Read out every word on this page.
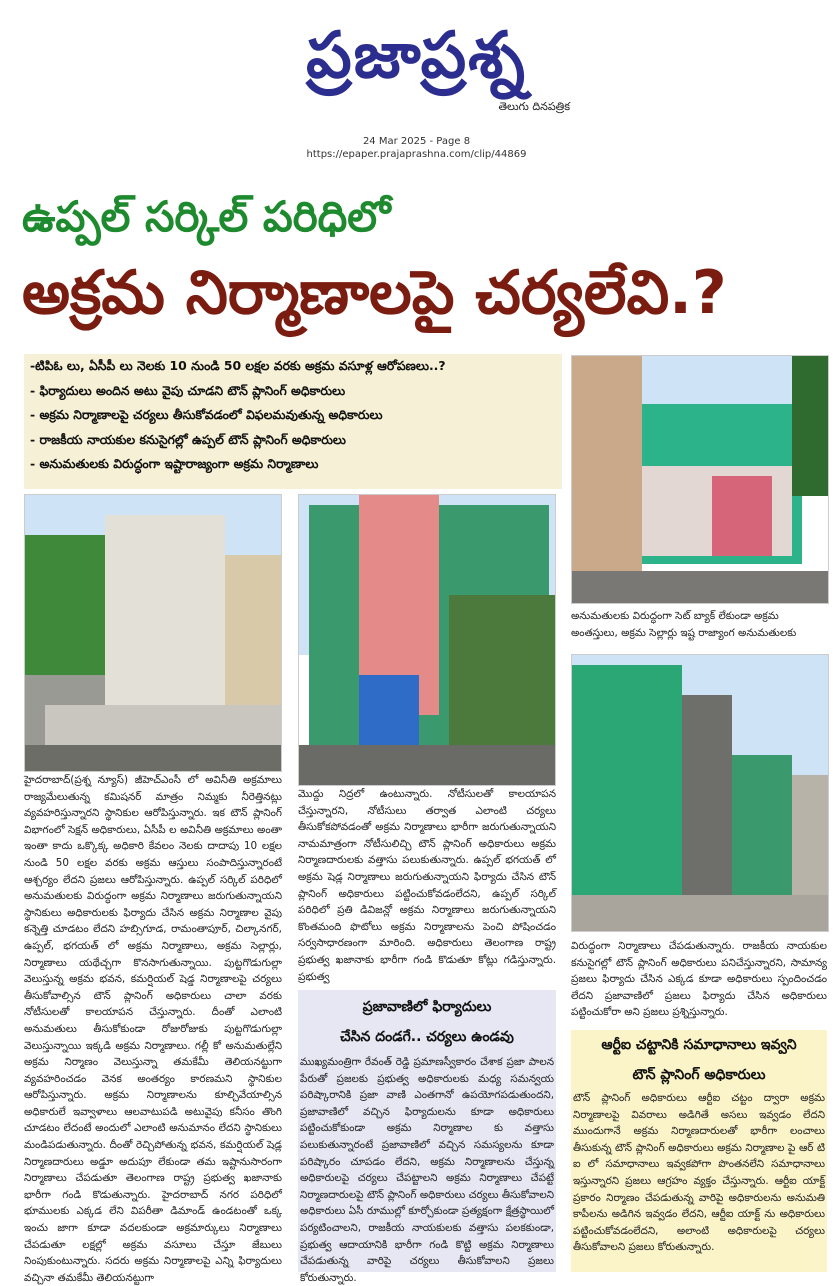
ప్రజాప్రశ్న
తెలుగు దినపత్రిక
24 Mar 2025 - Page 8
https://epaper.prajaprashna.com/clip/44869
ఉప్పల్ సర్కిల్ పరిధిలో
అక్రమ నిర్మాణాలపై చర్యలేవి.?
-టిపిఓ లు, ఏసీపీ లు నెలకు 10 నుండి 50 లక్షల వరకు అక్రమ వసూళ్ల ఆరోపణలు..?
- ఫిర్యాదులు అందిన అటు వైపు చూడని టౌన్ ప్లానింగ్ అధికారులు
- అక్రమ నిర్మాణాలపై చర్యలు తీసుకోవడంలో విఫలమవుతున్న అధికారులు
- రాజకీయ నాయకుల కనుసైగల్లో ఉప్పల్ టౌన్ ప్లానింగ్ అధికారులు
- అనుమతులకు విరుద్ధంగా ఇష్టారాజ్యంగా అక్రమ నిర్మాణాలు
అనుమతులకు విరుద్ధంగా సెట్ బ్యాక్ లేకుండా అక్రమ అంతస్తులు, అక్రమ సెల్లార్లు ఇష్ట రాజ్యాంగ అనుమతులకు
హైదరాబాద్(ప్రశ్న న్యూస్) జీహెచ్ఎంసీ లో అవినీతి అక్రమాలు రాజ్యమేలుతున్న కమిషనర్ మాత్రం నిమ్మకు నీరెత్తినట్లు వ్యవహరిస్తున్నారని స్థానికుల ఆరోపిస్తున్నారు. ఇక టౌన్ ప్లానింగ్ విభాగంలో సెక్షన్ అధికారులు, ఏసీపీ ల అవినీతి అక్రమాలు అంతా ఇంతా కాదు ఒక్కొక్క అధికారి కేవలం నెలకు దాదాపు 10 లక్షల నుండి 50 లక్షల వరకు అక్రమ ఆస్తులు సంపాదిస్తున్నారంటే ఆశ్చర్యం లేదని ప్రజలు ఆరోపిస్తున్నారు. ఉప్పల్ సర్కిల్ పరిధిలో అనుమతులకు విరుద్ధంగా అక్రమ నిర్మాణాలు జరుగుతున్నాయని స్థానికులు అధికారులకు ఫిర్యాదు చేసిన అక్రమ నిర్మాణాల వైపు కన్నెత్తి చూడటం లేదని హబ్సిగూడ, రామంతాపూర్, చిల్కానగర్, ఉప్పల్, భగయత్ లో అక్రమ నిర్మాణాలు, అక్రమ సెల్లార్లు, నిర్మాణాలు యథేచ్చగా కొనసాగుతున్నాయి. పుట్టగొడుగుల్లా వెలుస్తున్న అక్రమ భవన, కమర్షియల్ షెడ్డ నిర్మాణాలపై చర్యలు తీసుకోవాల్సిన టౌన్ ప్లానింగ్ అధికారులు చాలా వరకు నోటీసులతో కాలయాపన చేస్తున్నారు. దీంతో ఎలాంటి అనుమతులు తీసుకోకుండా రోజురోజుకు పుట్టగొడుగుల్లా వెలుస్తున్నాయి ఇక్కడి అక్రమ నిర్మాణాలు. గల్లీ కో అనుమతుల్లేని అక్రమ నిర్మాణం వెలుస్తున్నా తమకేమీ తెలియనట్టుగా వ్యవహరించడం వెనక అంతర్యం కారణమని స్థానికుల ఆరోపిస్తున్నారు. అక్రమ నిర్మాణాలను కూల్చివేయాల్సిన అధికారులే ఇవ్వాళాలు ఆలవాటుపడి అటువైపు కనీసం తొంగి చూడటం లేదంటే అందులో ఎలాంటి అనుమానం లేదని స్థానికులు మండిపడుతున్నారు. దీంతో రెచ్చిపోతున్న భవన, కమర్షియల్ షెడ్ల నిర్మాణదారులు అడ్డూ అదుపూ లేకుండా తమ ఇష్టానుసారంగా నిర్మాణాలు చేపడుతూ తెలంగాణ రాష్ట్ర ప్రభుత్వ ఖజానాకు భారీగా గండి కొడుతున్నారు. హైదరాబాద్ నగర పరిధిలో భూములకు ఎక్కడ లేని విపరీతా డిమాండ్ ఉండటంతో ఒక్క ఇంచు జాగా కూడా వదలకుండా అక్రమార్కులు నిర్మాణాలు చేపడుతూ లక్షల్లో అక్రమ వసూలు చేస్తూ జేబులు నింపుకుంటున్నారు. సదరు అక్రమ నిర్మాణాలపై ఎన్ని ఫిర్యాదులు వచ్చినా తమకేమీ తెలియనట్టుగా
మొద్దు నిద్రలో ఉంటున్నారు. నోటీసులతో కాలయాపన చేస్తున్నారని, నోటీసులు తర్వాత ఎలాంటి చర్యలు తీసుకోకపోవడంతో అక్రమ నిర్మాణాలు భారీగా జరుగుతున్నాయని నామమాత్రంగా నోటీసులిచ్చి టౌన్ ప్లానింగ్ అధికారులు అక్రమ నిర్మాణదారులకు వత్తాసు పలుకుతున్నారు. ఉప్పల్ భగయత్ లో అక్రమ షెడ్ల నిర్మాణాలు జరుగుతున్నాయని ఫిర్యాదు చేసిన టౌన్ ప్లానింగ్ అధికారులు పట్టించుకోవడంలేదని, ఉప్పల్ సర్కిల్ పరిధిలో ప్రతి డివిజన్లో అక్రమ నిర్మాణాలు జరుగుతున్నాయని కొంతమంది ఫొటోలు అక్రమ నిర్మాణాలను పెంచి పోషించడం సర్వసాధారణంగా మారింది. అధికారులు తెలంగాణ రాష్ట్ర ప్రభుత్వ ఖజానాకు భారీగా గండి కొడుతూ కోట్లు గడిస్తున్నారు. ప్రభుత్వ
ప్రజావాణిలో ఫిర్యాదులు
చేసిన దండగే.. చర్యలు ఉండవు
ముఖ్యమంత్రిగా రేవంత్ రెడ్డి ప్రమాణస్వీకారం చేశాక ప్రజా పాలన పేరుతో ప్రజలకు ప్రభుత్వ అధికారులకు మధ్య సమన్వయ పరిష్కారానికి ప్రజా వాణి ఎంతగానో ఉపయోగపడుతుందని, ప్రజావాణిలో వచ్చిన ఫిర్యాదులను కూడా అధికారులు పట్టించుకోకుండా అక్రమ నిర్మాణాల కు వత్తాసు పలుకుతున్నారంటే ప్రజావాణిలో వచ్చిన సమస్యలను కూడా పరిష్కారం చూపడం లేదని, అక్రమ నిర్మాణాలను చేస్తున్న అధికారులపై చర్యలు చేపట్టాలని అక్రమ నిర్మాణాలు చేపట్టే నిర్మాణదారులపై టౌన్ ప్లానింగ్ అధికారులు చర్యలు తీసుకోవాలని అధికారులు ఏసీ రూముల్లో కూర్చోకుండా ప్రత్యక్షంగా క్షేత్రస్థాయిలో పర్యటించాలని, రాజకీయ నాయకులకు వత్తాసు పలకకుండా, ప్రభుత్వ ఆదాయానికి భారీగా గండి కొట్టి అక్రమ నిర్మాణాలు చేపడుతున్న వారిపై చర్యలు తీసుకోవాలని ప్రజలు కోరుతున్నారు.
విరుద్ధంగా నిర్మాణాలు చేపడుతున్నారు. రాజకీయ నాయకుల కనుసైగల్లో టౌన్ ప్లానింగ్ అధికారులు పనిచేస్తున్నారని, సామాన్య ప్రజలు ఫిర్యాదు చేసిన ఎక్కడ కూడా అధికారులు స్పందించడం లేదని ప్రజావాణిలో ప్రజలు ఫిర్యాదు చేసిన అధికారులు పట్టించుకోరా అని ప్రజలు ప్రశ్నిస్తున్నారు.
ఆర్టీఐ చట్టానికి సమాధానాలు ఇవ్వని
టౌన్ ప్లానింగ్ అధికారులు
టౌన్ ప్లానింగ్ అధికారులు ఆర్టీఐ చట్టం ద్వారా అక్రమ నిర్మాణాలపై వివరాలు అడిగితే అసలు ఇవ్వడం లేదని ముందుగానే అక్రమ నిర్మాణదారులతో భారీగా లంచాలు తీసుకున్న టౌన్ ప్లానింగ్ అధికారులు అక్రమ నిర్మాణాల పై ఆర్ టి ఐ లో సమాధానాలు ఇవ్వకపోగా పొంతనలేని సమాధానాలు ఇస్తున్నారని ప్రజలు ఆగ్రహం వ్యక్తం చేస్తున్నారు. ఆర్టీఐ యాక్ట్ ప్రకారం నిర్మాణం చేపడుతున్న వారిపై అధికారులను అనుమతి కాపీలను అడిగిన ఇవ్వడం లేదని, ఆర్టీఐ యాక్ట్ ను అధికారులు పట్టించుకోవడంలేదని, అలాంటి అధికారులపై చర్యలు తీసుకోవాలని ప్రజలు కోరుతున్నారు.
